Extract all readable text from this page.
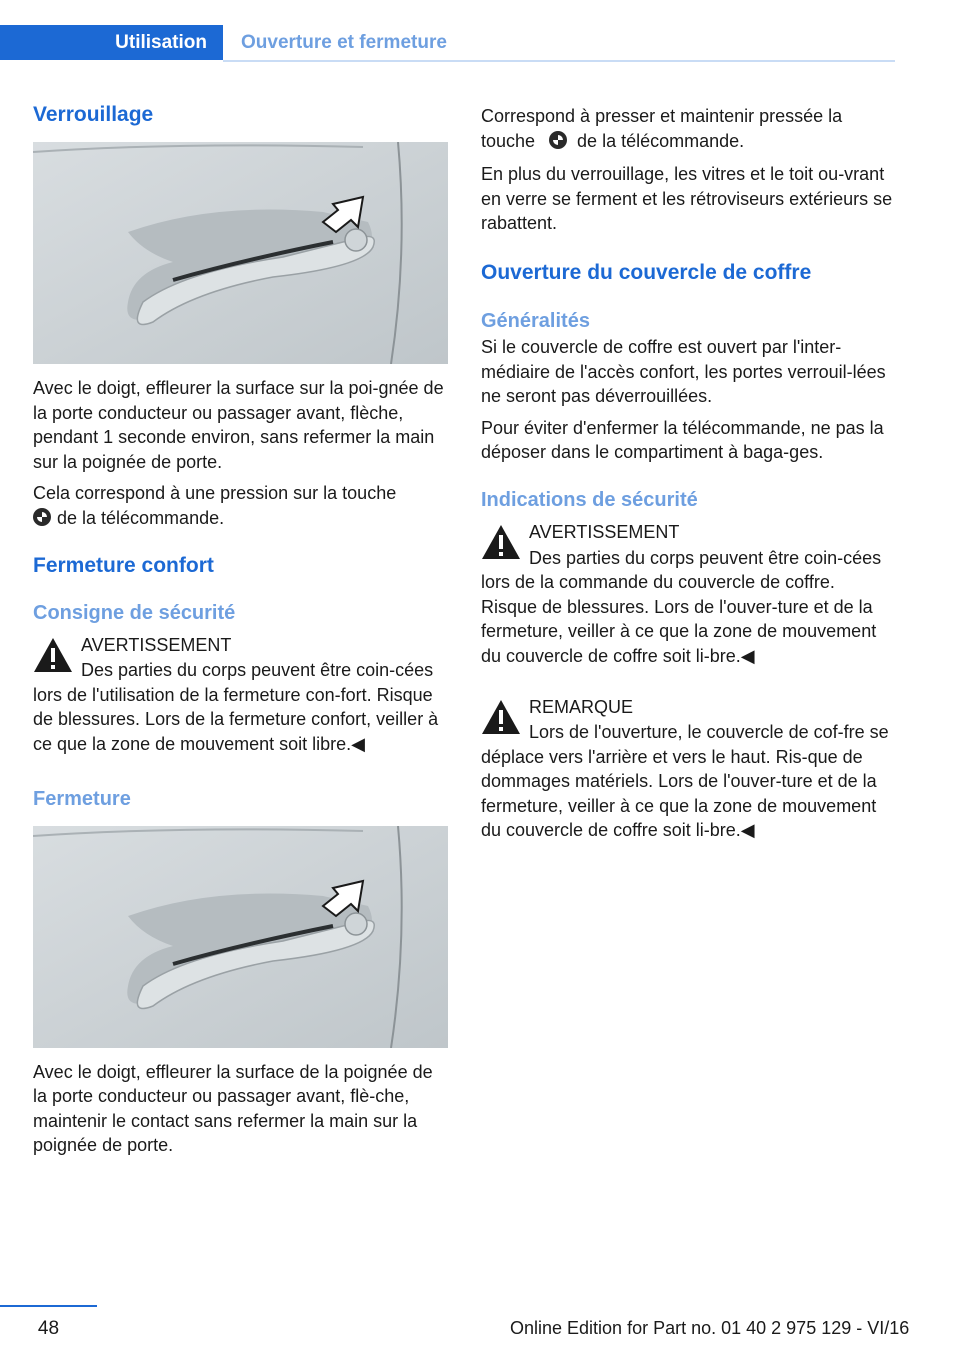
Utilisation	Ouverture et fermeture
Verrouillage

Avec le doigt, effleurer la surface sur la poi‐gnée de la porte conducteur ou passager avant, flèche, pendant 1 seconde environ, sans refermer la main sur la poignée de porte.

Cela correspond à une pression sur la touche
de la télécommande.

Fermeture confort
Consigne de sécurité
AVERTISSEMENT
Des parties du corps peuvent être coin‐cées lors de l'utilisation de la fermeture con‐fort. Risque de blessures. Lors de la fermeture confort, veiller à ce que la zone de mouvement soit libre.◀
Fermeture

Avec le doigt, effleurer la surface de la poignée de la porte conducteur ou passager avant, flè‐che, maintenir le contact sans refermer la main sur la poignée de porte.

Correspond à presser et maintenir pressée la touche de la télécommande.

En plus du verrouillage, les vitres et le toit ou‐vrant en verre se ferment et les rétroviseurs extérieurs se rabattent.

Ouverture du couvercle de coffre
Généralités

Si le couvercle de coffre est ouvert par l'inter‐médiaire de l'accès confort, les portes verrouil‐lées ne seront pas déverrouillées.

Pour éviter d'enfermer la télécommande, ne pas la déposer dans le compartiment à baga‐ges.

Indications de sécurité
AVERTISSEMENT
Des parties du corps peuvent être coin‐cées lors de la commande du couvercle de coffre. Risque de blessures. Lors de l'ouver‐ture et de la fermeture, veiller à ce que la zone de mouvement du couvercle de coffre soit li‐bre.◀
REMARQUE
Lors de l'ouverture, le couvercle de cof‐fre se déplace vers l'arrière et vers le haut. Ris‐que de dommages matériels. Lors de l'ouver‐ture et de la fermeture, veiller à ce que la zone de mouvement du couvercle de coffre soit li‐bre.◀
48	Online Edition for Part no. 01 40 2 975 129 - VI/16
